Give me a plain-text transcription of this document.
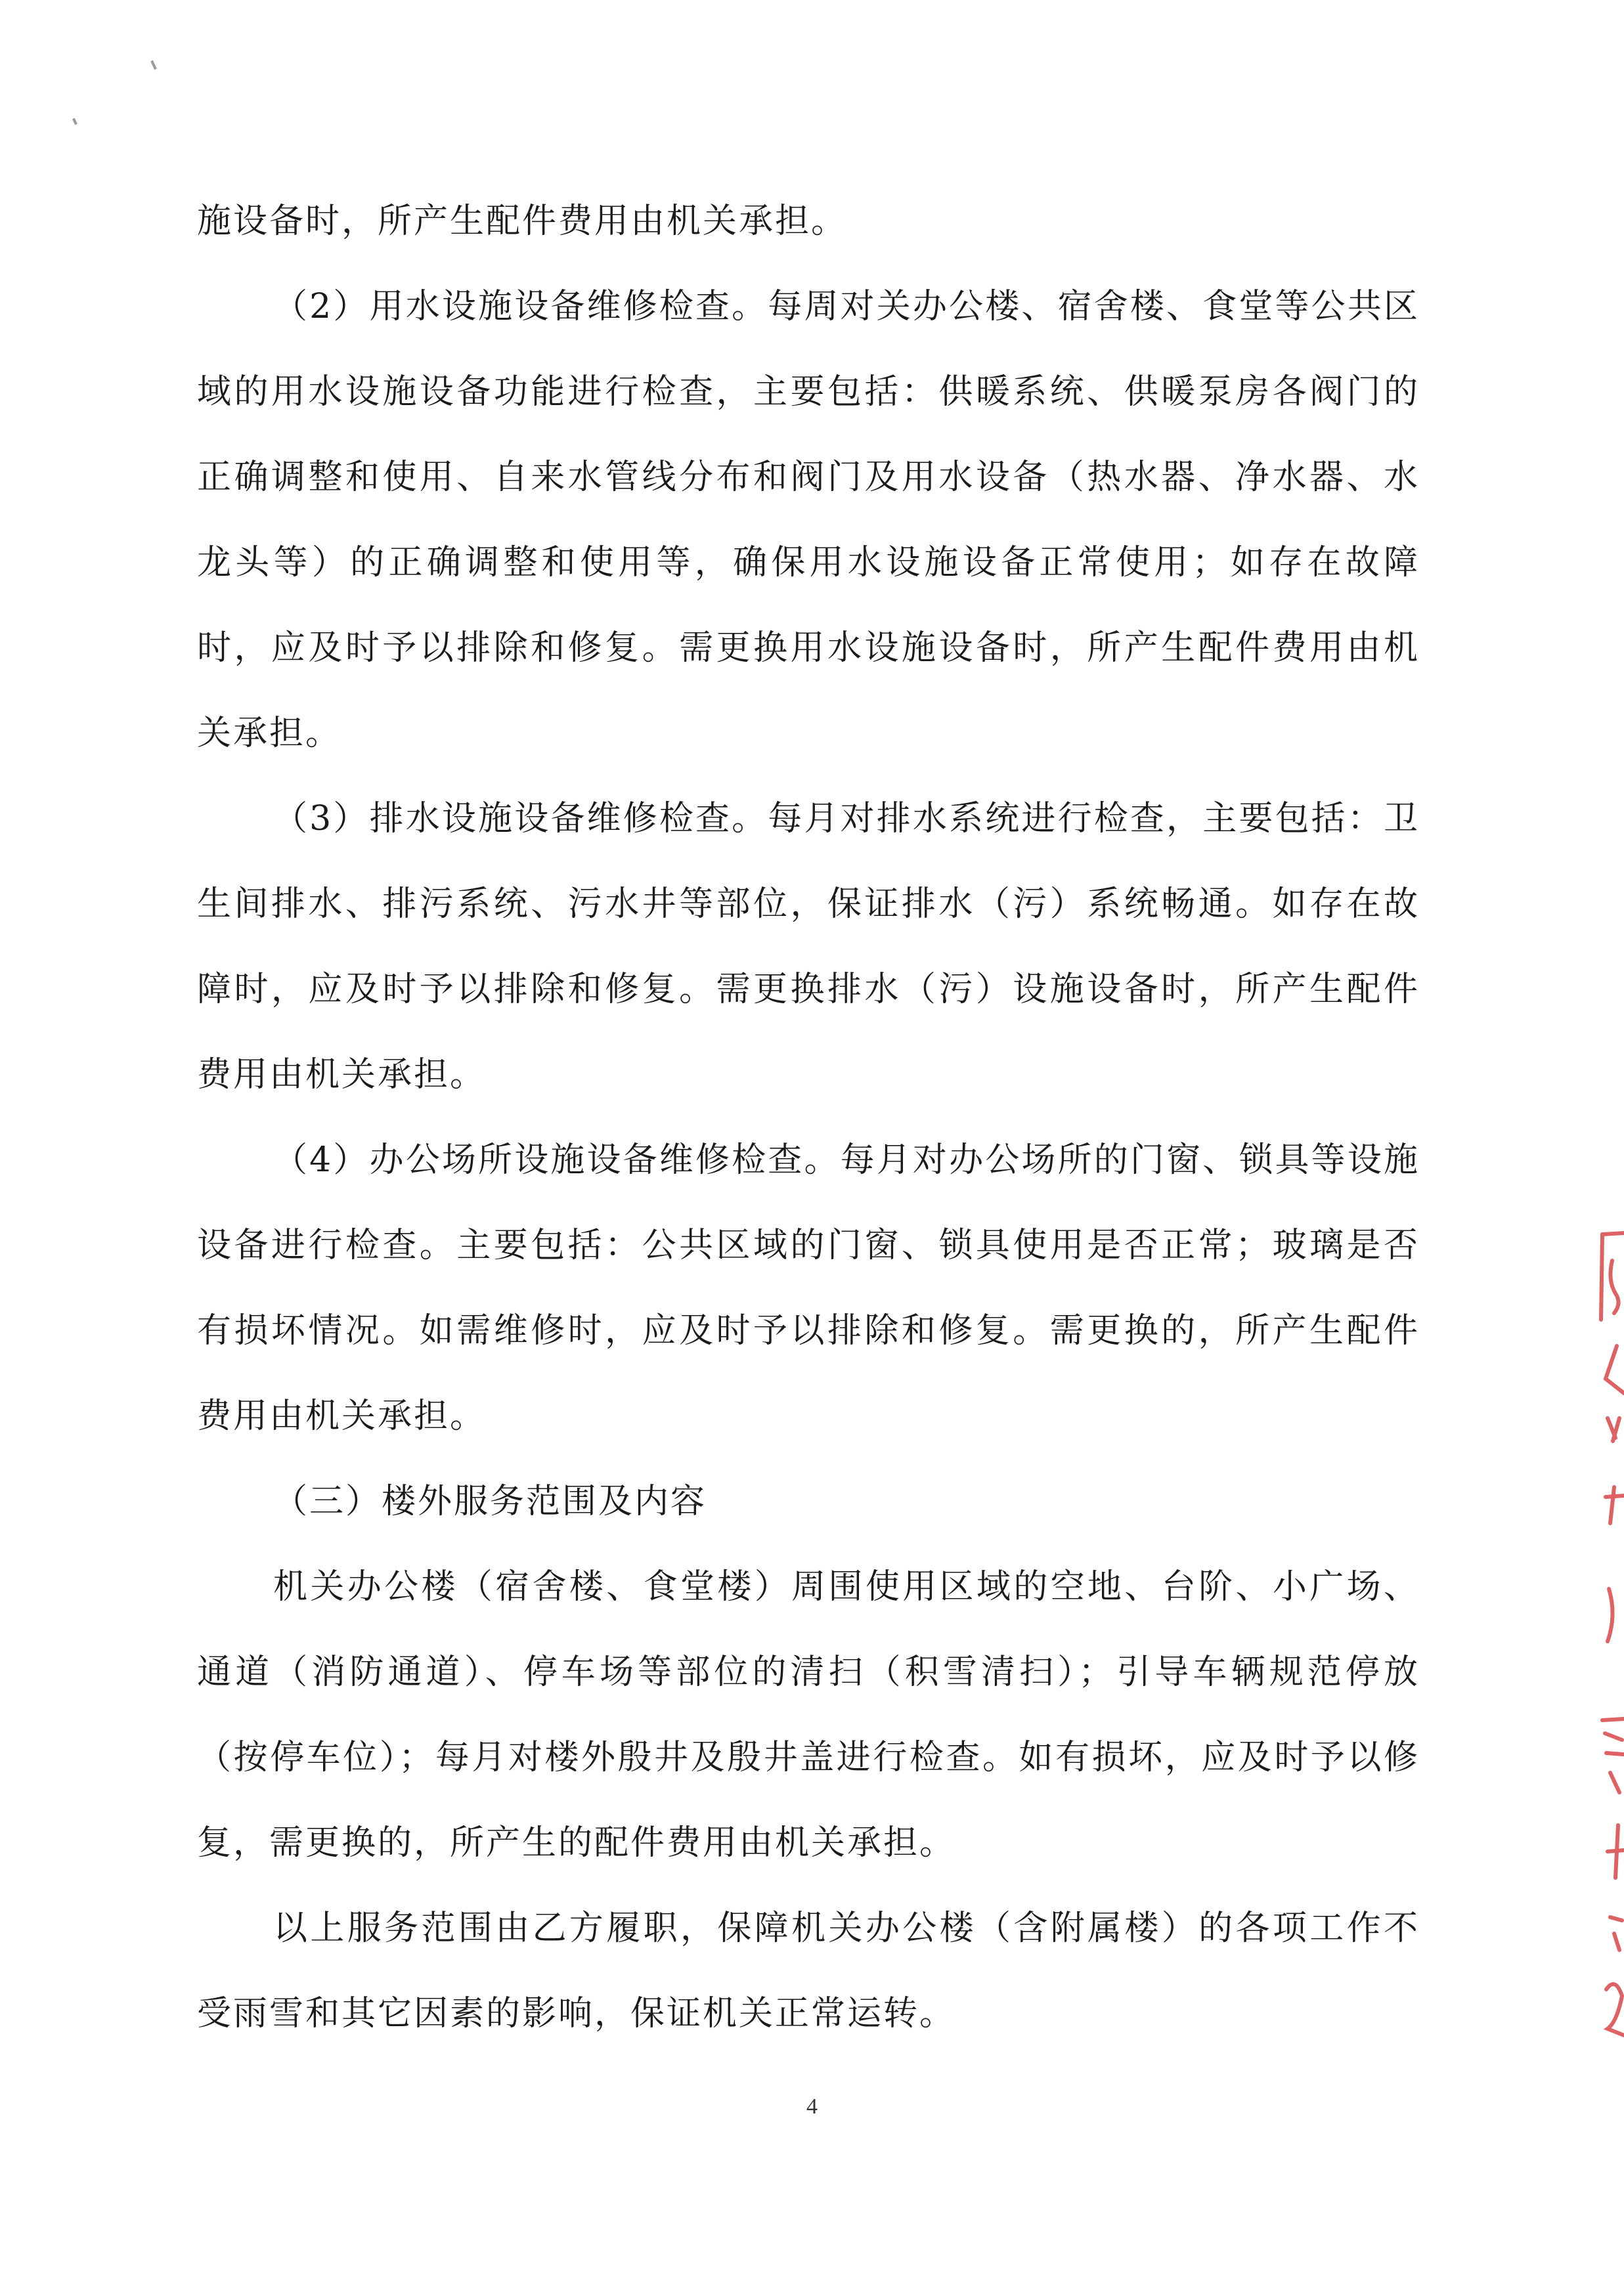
施设备时，所产生配件费用由机关承担。

（2）用水设施设备维修检查。每周对关办公楼、宿舍楼、食堂等公共区域的用水设施设备功能进行检查，主要包括：供暖系统、供暖泵房各阀门的正确调整和使用、自来水管线分布和阀门及用水设备（热水器、净水器、水龙头等）的正确调整和使用等，确保用水设施设备正常使用；如存在故障时，应及时予以排除和修复。需更换用水设施设备时，所产生配件费用由机关承担。

（3）排水设施设备维修检查。每月对排水系统进行检查，主要包括：卫生间排水、排污系统、污水井等部位，保证排水（污）系统畅通。如存在故障时，应及时予以排除和修复。需更换排水（污）设施设备时，所产生配件费用由机关承担。

（4）办公场所设施设备维修检查。每月对办公场所的门窗、锁具等设施设备进行检查。主要包括：公共区域的门窗、锁具使用是否正常；玻璃是否有损坏情况。如需维修时，应及时予以排除和修复。需更换的，所产生配件费用由机关承担。

（三）楼外服务范围及内容

机关办公楼（宿舍楼、食堂楼）周围使用区域的空地、台阶、小广场、通道（消防通道）、停车场等部位的清扫（积雪清扫）；引导车辆规范停放（按停车位）；每月对楼外殷井及殷井盖进行检查。如有损坏，应及时予以修复，需更换的，所产生的配件费用由机关承担。

以上服务范围由乙方履职，保障机关办公楼（含附属楼）的各项工作不受雨雪和其它因素的影响，保证机关正常运转。

4
